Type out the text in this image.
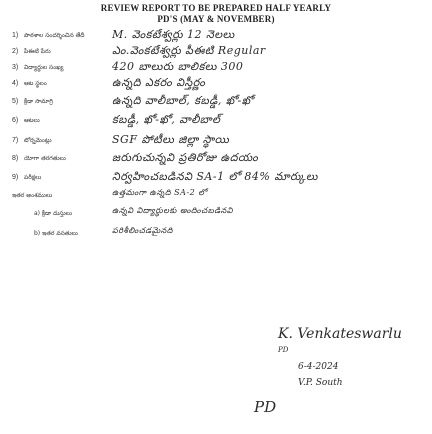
REVIEW REPORT TO BE PREPARED HALF YEARLY
PD'S (MAY & NOVEMBER)
1) పాఠశాల సందర్శించిన తేదీ	M. వెంకటేశ్వర్లు 12 నెలలు
2) పీఈటి పేరు	ఎం.వెంకటేశ్వర్లు పీఈటి Regular
3) విద్యార్థుల సంఖ్య	420 బాలురు బాలికలు 300
4) ఆట స్థలం	ఉన్నది ఎకరం విస్తీర్ణం
5) క్రీడా సామాగ్రి	ఉన్నది వాలీబాల్, కబడ్డీ, ఖో-ఖో
6) ఆటలు	కబడ్డీ, ఖో-ఖో, వాలీబాల్
7) టోర్నమెంట్లు	SGF పోటీలు జిల్లా స్థాయి
8) యోగా తరగతులు	జరుగుచున్నవి ప్రతిరోజు ఉదయం
9) పరీక్షలు	నిర్వహించబడినవి SA-1 లో 84% మార్కులు
ఇతర అంశములు	ఉత్తమంగా ఉన్నది SA-2 లో
a) క్రీడా దుస్తులు	ఉన్నవి విద్యార్థులకు అందించబడినవి
b) ఇతర వసతులు	పరిశీలించడమైనది
K. Venkateswarlu
PD
6-4-2024
V.P. South
PD
